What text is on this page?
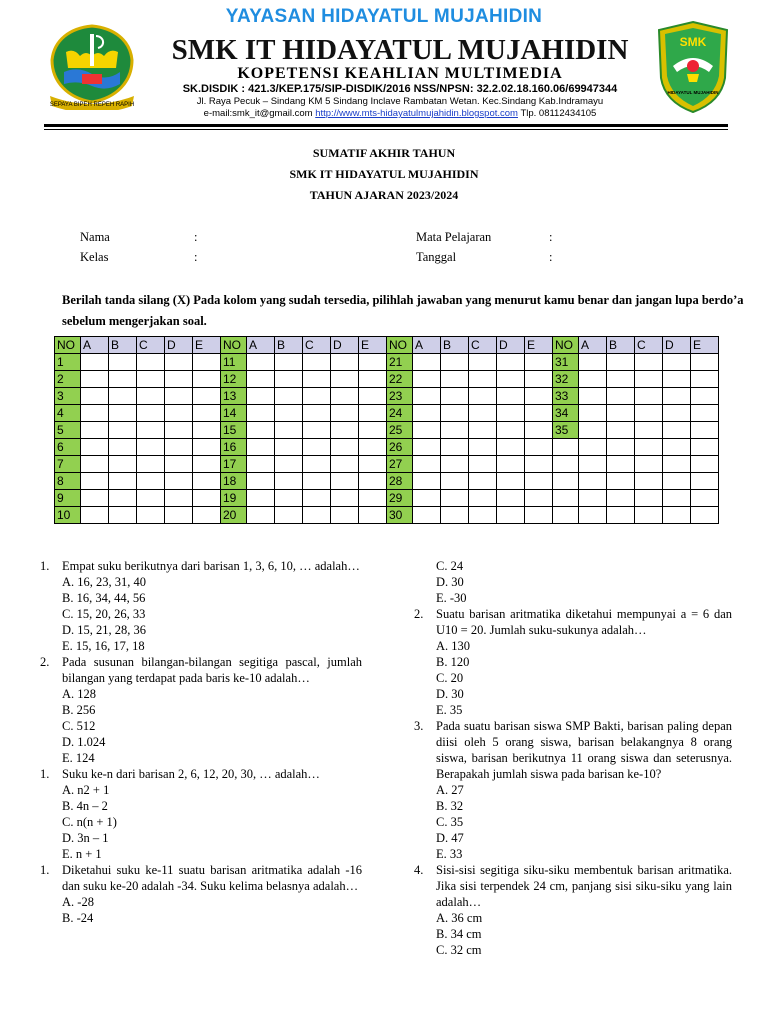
YAYASAN HIDAYATUL MUJAHIDIN
SEPAYA BIPEH REPEH RAPIH
SMK
HIDAYATUL MUJAHIDIN
SMK IT HIDAYATUL MUJAHIDIN
KOPETENSI KEAHLIAN MULTIMEDIA
SK.DISDIK : 421.3/KEP.175/SIP-DISDIK/2016 NSS/NPSN: 32.2.02.18.160.06/69947344
Jl. Raya Pecuk – Sindang KM 5 Sindang Inclave Rambatan Wetan. Kec.Sindang Kab.Indramayu
e-mail:smk_it@gmail.com http://www.mts-hidayatulmujahidin.blogspot.com Tlp. 08112434105
SUMATIF AKHIR TAHUN
SMK IT HIDAYATUL MUJAHIDIN
TAHUN AJARAN 2023/2024
Nama	:
Kelas	:
Mata Pelajaran	:
Tanggal	:
Berilah tanda silang (X) Pada kolom yang sudah tersedia, pilihlah jawaban yang menurut kamu benar dan jangan lupa berdo’a sebelum mengerjakan soal.
NO	A	B	C	D	E	NO	A	B	C	D	E	NO	A	B	C	D	E	NO	A	B	C	D	E
1						11						21						31					
2						12						22						32					
3						13						23						33					
4						14						24						34					
5						15						25						35					
6						16						26											
7						17						27											
8						18						28											
9						19						29											
10						20						30											
1. Empat suku berikutnya dari barisan 1, 3, 6, 10, … adalah…
A. 16, 23, 31, 40
B. 16, 34, 44, 56
C. 15, 20, 26, 33
D. 15, 21, 28, 36
E. 15, 16, 17, 18
2. Pada susunan bilangan-bilangan segitiga pascal, jumlah bilangan yang terdapat pada baris ke-10 adalah…
A. 128
B. 256
C. 512
D. 1.024
E. 124
1. Suku ke-n dari barisan 2, 6, 12, 20, 30, … adalah…
A. n2 + 1
B. 4n – 2
C. n(n + 1)
D. 3n – 1
E. n + 1
1. Diketahui suku ke-11 suatu barisan aritmatika adalah -16 dan suku ke-20 adalah -34. Suku kelima belasnya adalah…
A. -28
B. -24
C. 24
D. 30
E. -30
2. Suatu barisan aritmatika diketahui mempunyai a = 6 dan U10 = 20. Jumlah suku-sukunya adalah…
A. 130
B. 120
C. 20
D. 30
E. 35
3. Pada suatu barisan siswa SMP Bakti, barisan paling depan diisi oleh 5 orang siswa, barisan belakangnya 8 orang siswa, barisan berikutnya 11 orang siswa dan seterusnya. Berapakah jumlah siswa pada barisan ke-10?
A. 27
B. 32
C. 35
D. 47
E. 33
4. Sisi-sisi segitiga siku-siku membentuk barisan aritmatika. Jika sisi terpendek 24 cm, panjang sisi siku-siku yang lain adalah…
A. 36 cm
B. 34 cm
C. 32 cm
